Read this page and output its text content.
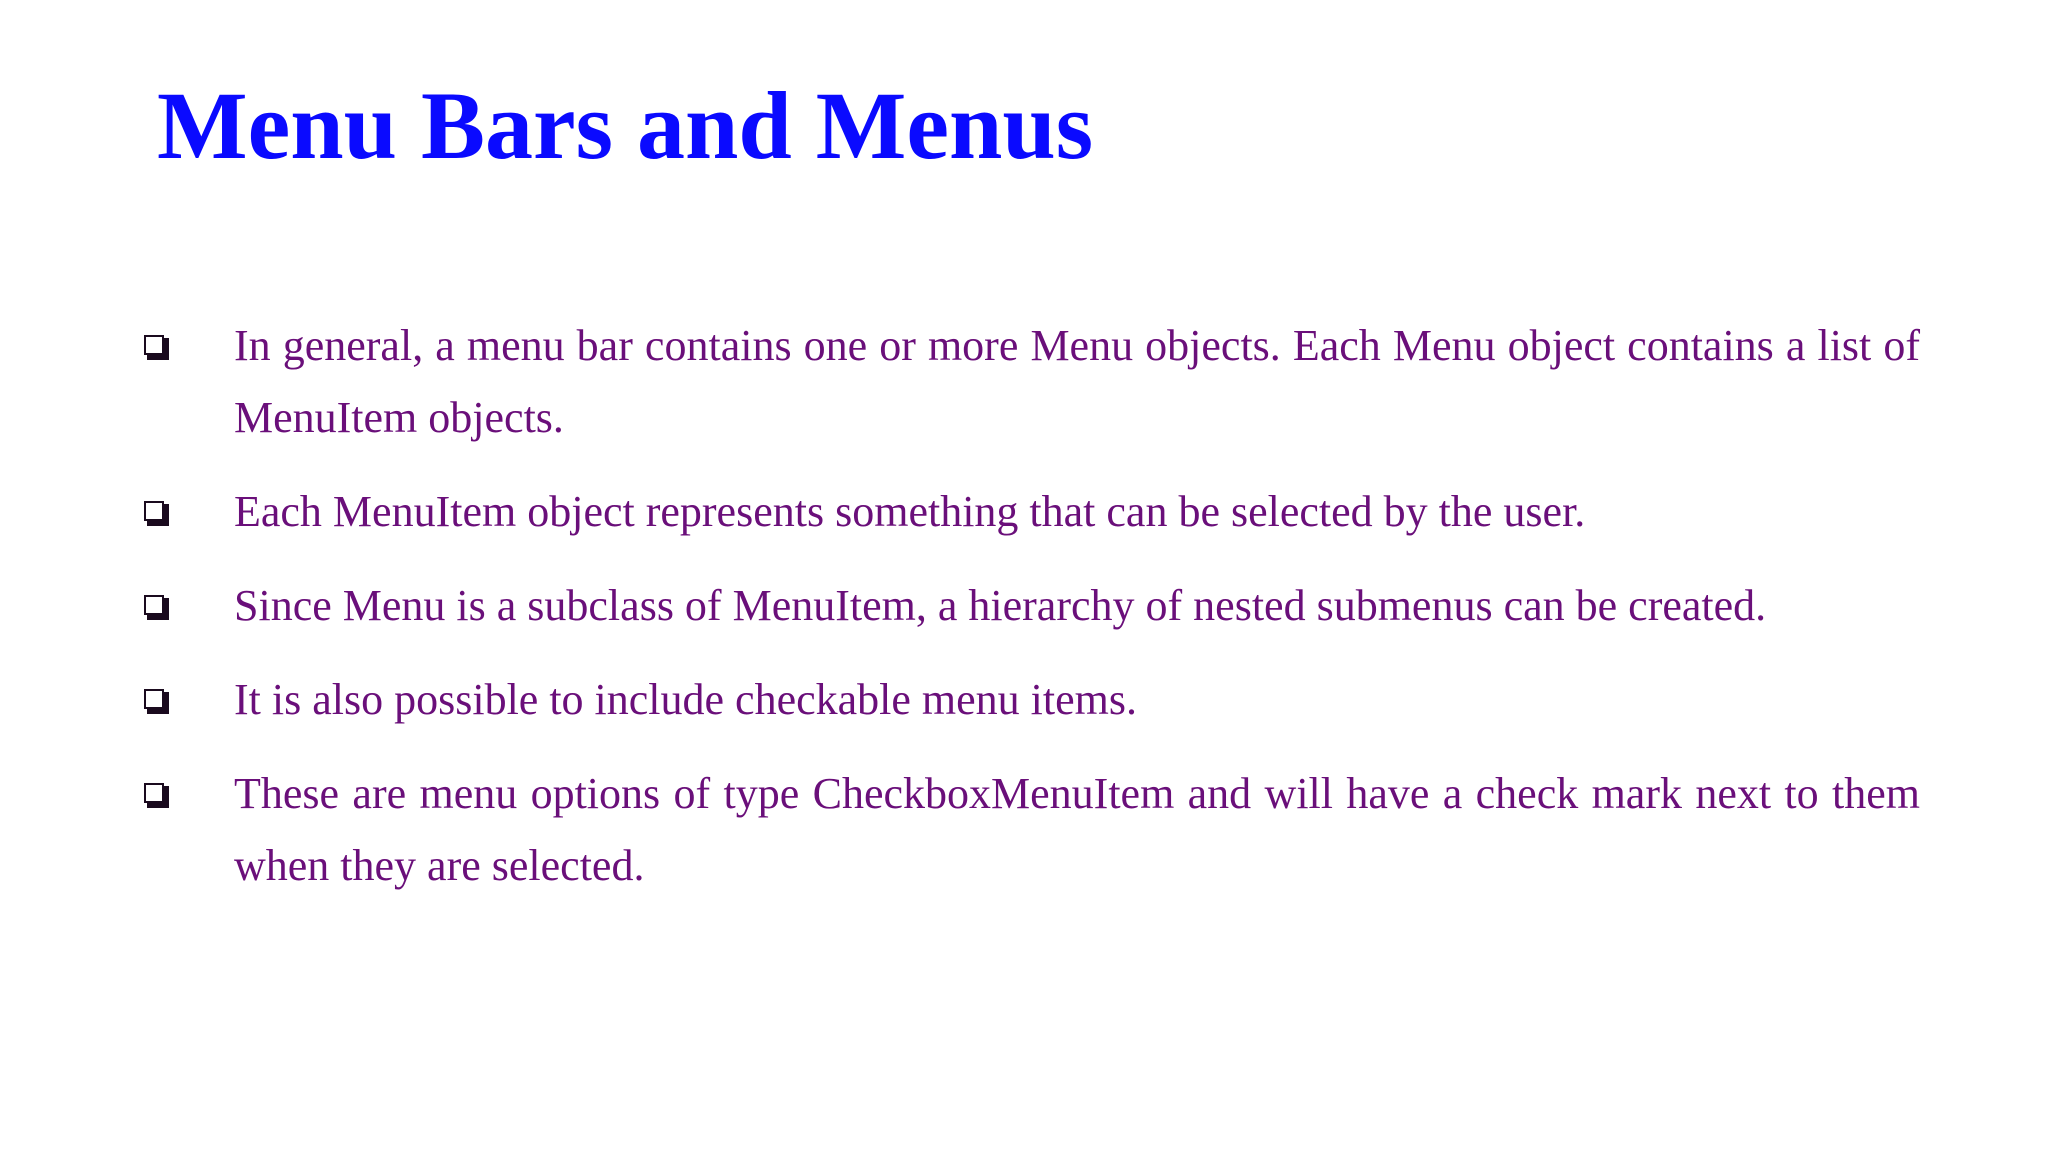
Menu Bars and Menus
In general, a menu bar contains one or more Menu objects. Each Menu object contains a list of MenuItem objects.
Each MenuItem object represents something that can be selected by the user.
Since Menu is a subclass of MenuItem, a hierarchy of nested submenus can be created.
It is also possible to include checkable menu items.
These are menu options of type CheckboxMenuItem and will have a check mark next to them when they are selected.
